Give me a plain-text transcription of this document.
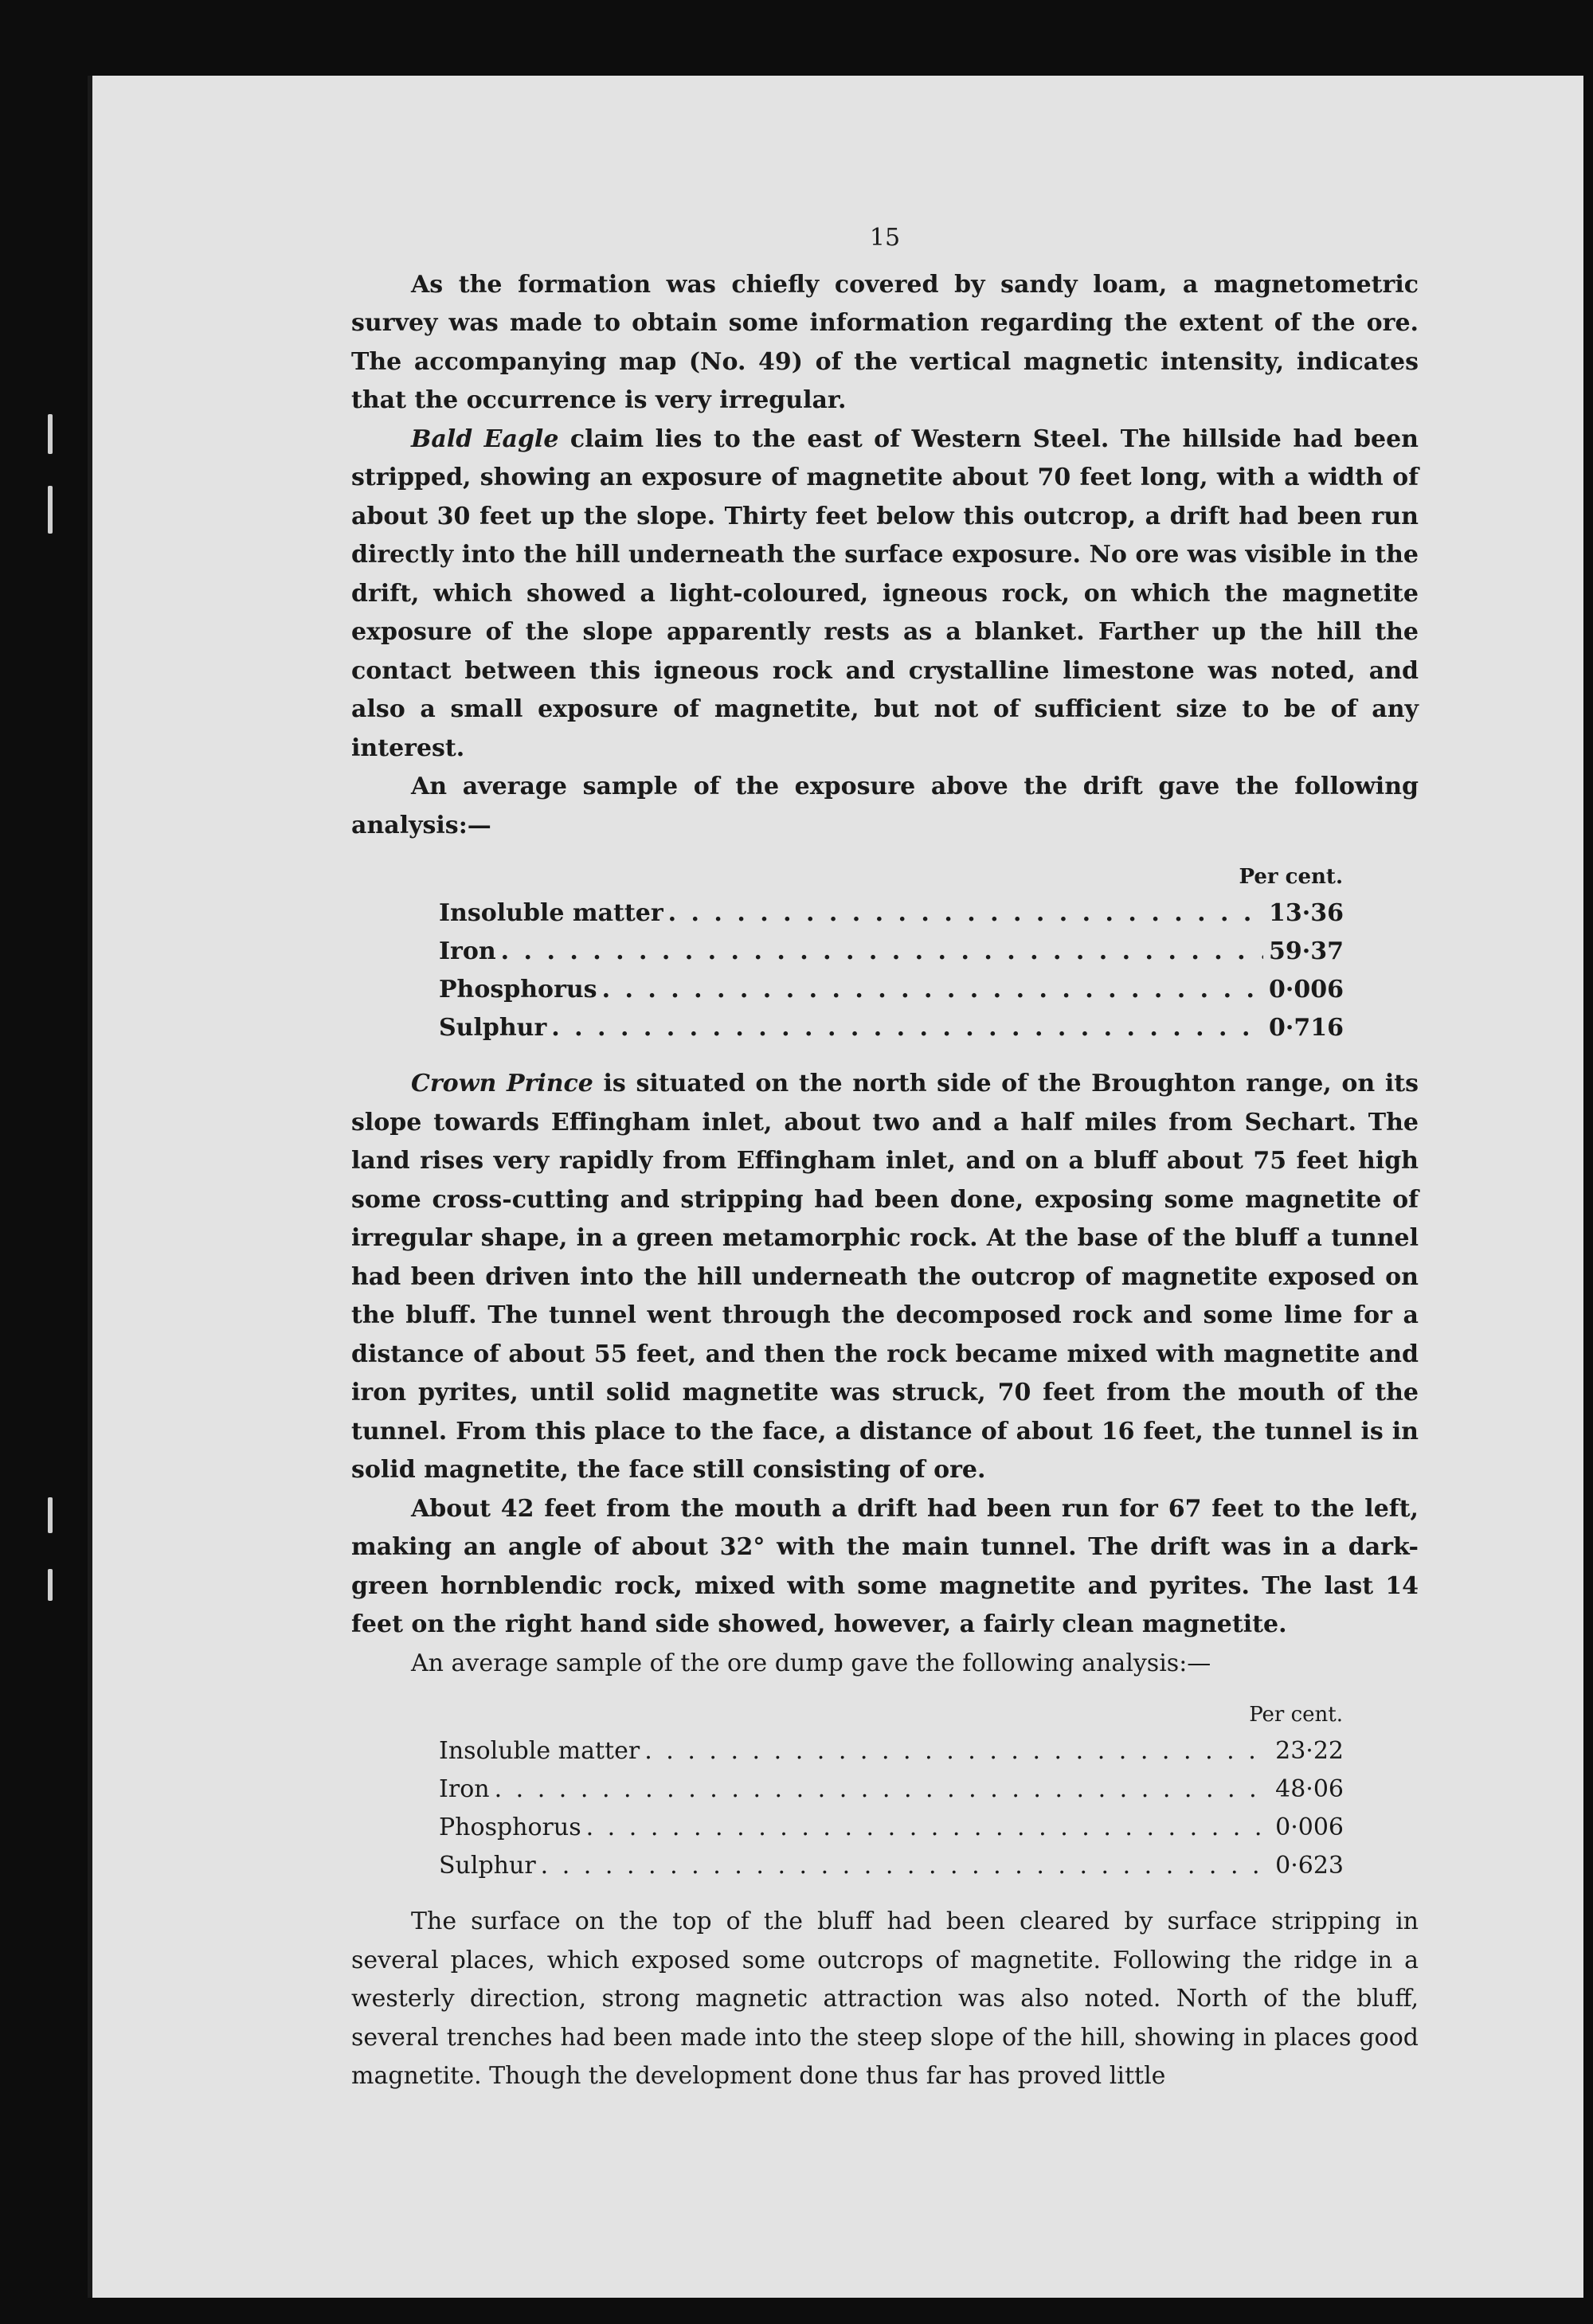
15

As the formation was chiefly covered by sandy loam, a magnetometric survey was made to obtain some information regarding the extent of the ore. The accompanying map (No. 49) of the vertical magnetic intensity, indicates that the occurrence is very irregular.

Bald Eagle claim lies to the east of Western Steel. The hillside had been stripped, showing an exposure of magnetite about 70 feet long, with a width of about 30 feet up the slope. Thirty feet below this outcrop, a drift had been run directly into the hill underneath the surface exposure. No ore was visible in the drift, which showed a light-coloured, igneous rock, on which the magnetite exposure of the slope apparently rests as a blanket. Farther up the hill the contact between this igneous rock and crystalline limestone was noted, and also a small exposure of magnetite, but not of sufficient size to be of any interest.

An average sample of the exposure above the drift gave the following analysis:—

Per cent.
Insoluble matter . . .	13·36
Iron . . .	59·37
Phosphorus . . .	0·006
Sulphur . . .	0·716

Crown Prince is situated on the north side of the Broughton range, on its slope towards Effingham inlet, about two and a half miles from Sechart. The land rises very rapidly from Effingham inlet, and on a bluff about 75 feet high some cross-cutting and stripping had been done, exposing some magnetite of irregular shape, in a green metamorphic rock. At the base of the bluff a tunnel had been driven into the hill underneath the outcrop of magnetite exposed on the bluff. The tunnel went through the decomposed rock and some lime for a distance of about 55 feet, and then the rock became mixed with magnetite and iron pyrites, until solid magnetite was struck, 70 feet from the mouth of the tunnel. From this place to the face, a distance of about 16 feet, the tunnel is in solid magnetite, the face still consisting of ore.

About 42 feet from the mouth a drift had been run for 67 feet to the left, making an angle of about 32° with the main tunnel. The drift was in a dark-green hornblendic rock, mixed with some magnetite and pyrites. The last 14 feet on the right hand side showed, however, a fairly clean magnetite.

An average sample of the ore dump gave the following analysis:—

Per cent.
Insoluble matter . . .	23·22
Iron . . .	48·06
Phosphorus . . .	0·006
Sulphur . . .	0·623

The surface on the top of the bluff had been cleared by surface stripping in several places, which exposed some outcrops of magnetite. Following the ridge in a westerly direction, strong magnetic attraction was also noted. North of the bluff, several trenches had been made into the steep slope of the hill, showing in places good magnetite. Though the development done thus far has proved little
